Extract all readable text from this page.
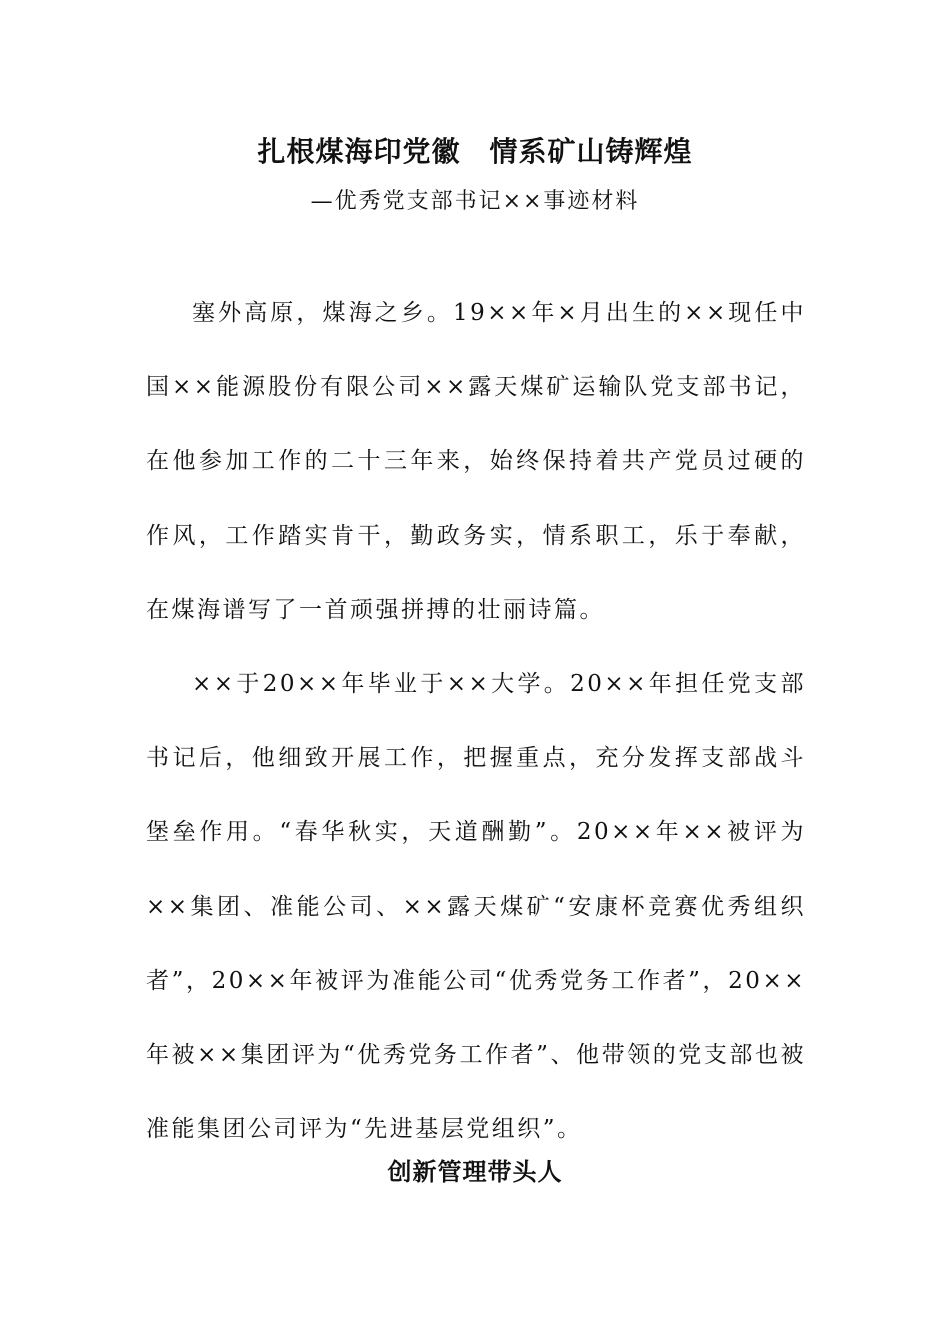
扎根煤海印党徽　情系矿山铸辉煌
—优秀党支部书记××事迹材料

塞外高原，煤海之乡。19××年×月出生的××现任中国××能源股份有限公司××露天煤矿运输队党支部书记，在他参加工作的二十三年来，始终保持着共产党员过硬的作风，工作踏实肯干，勤政务实，情系职工，乐于奉献，在煤海谱写了一首顽强拼搏的壮丽诗篇。

××于20××年毕业于××大学。20××年担任党支部书记后，他细致开展工作，把握重点，充分发挥支部战斗堡垒作用。“春华秋实，天道酬勤”。20××年××被评为××集团、准能公司、××露天煤矿“安康杯竞赛优秀组织者”，20××年被评为准能公司“优秀党务工作者”，20××年被××集团评为“优秀党务工作者”、他带领的党支部也被准能集团公司评为“先进基层党组织”。

创新管理带头人
